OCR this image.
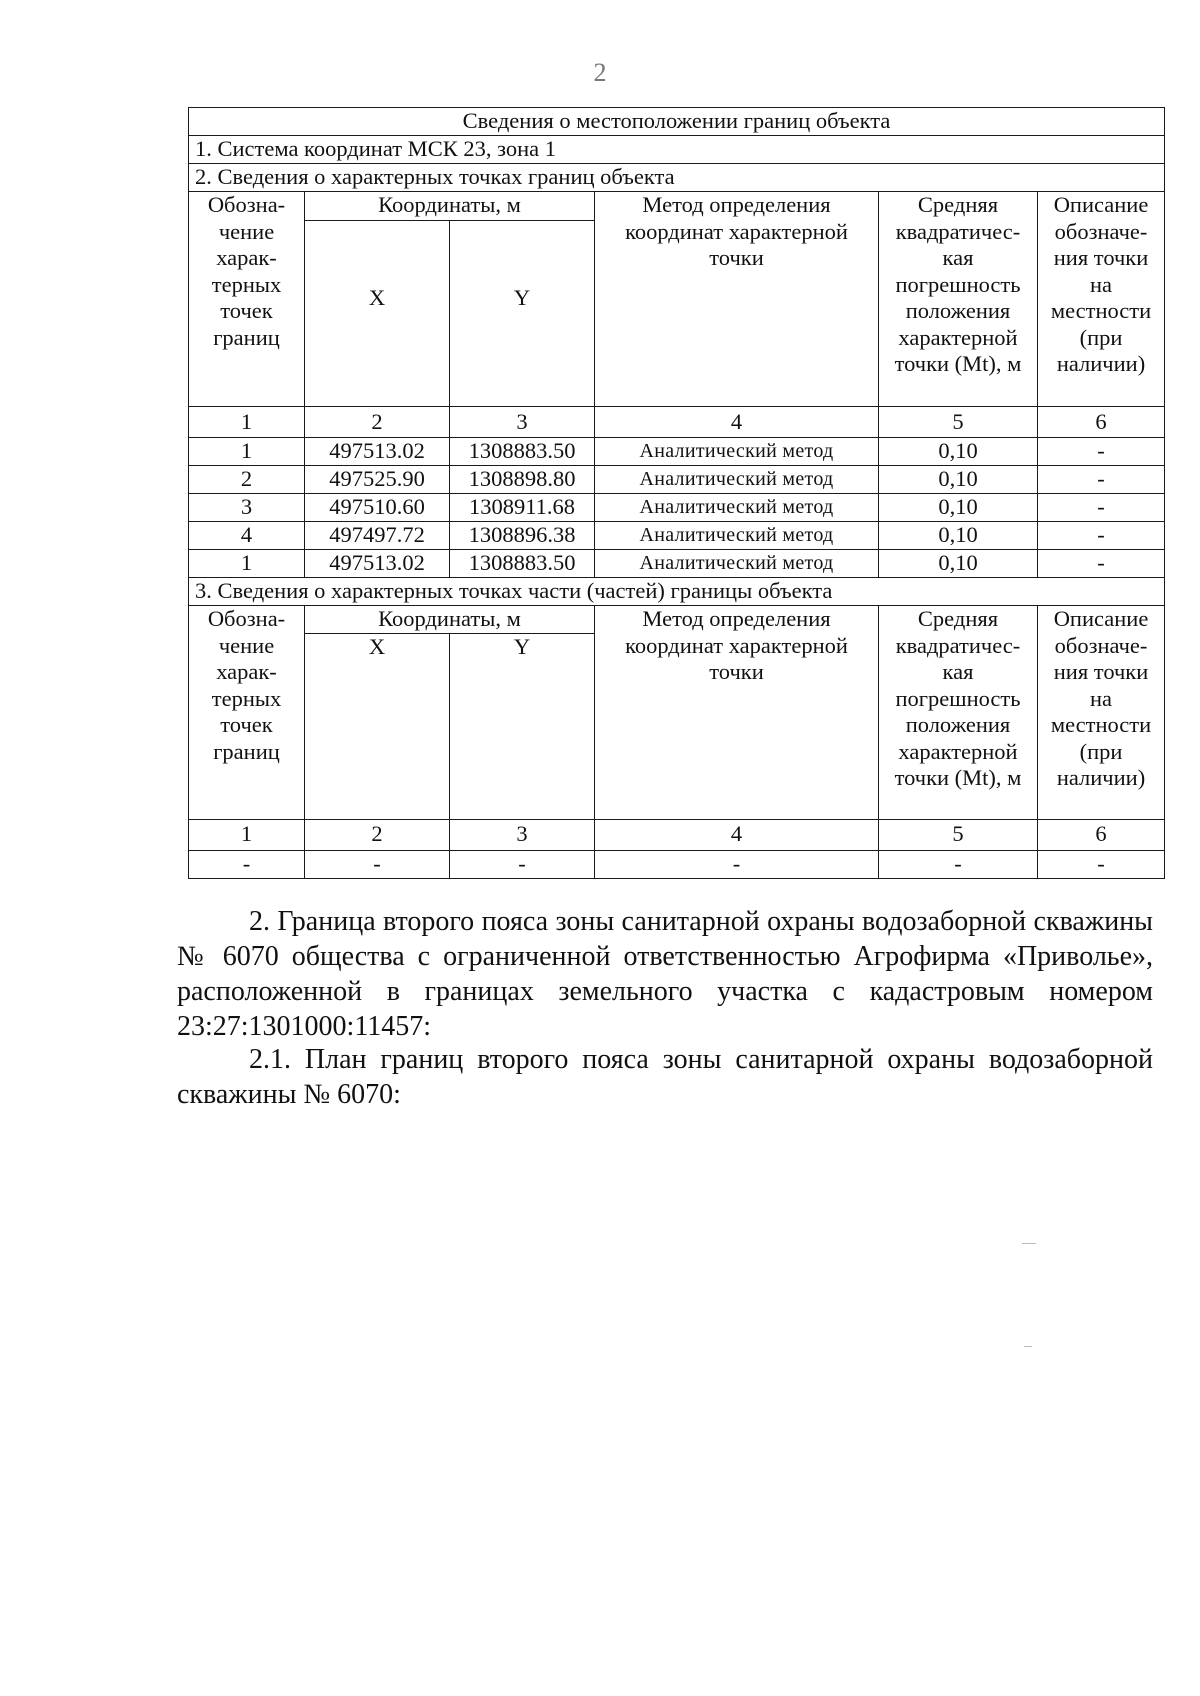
2
Сведения о местоположении границ объекта					
1. Система координат МСК 23, зона 1					
2. Сведения о характерных точках границ объекта					
Обозна-чение харак-терных точек границ	Координаты, м		Метод определения координат характерной точки	Средняя квадратичес-кая погрешность положения характерной точки (Mt), м	Описание обозначе-ния точки на местности (при наличии)
	X	Y			
1	2	3	4	5	6
1	497513.02	1308883.50	Аналитический метод	0,10	-
2	497525.90	1308898.80	Аналитический метод	0,10	-
3	497510.60	1308911.68	Аналитический метод	0,10	-
4	497497.72	1308896.38	Аналитический метод	0,10	-
1	497513.02	1308883.50	Аналитический метод	0,10	-
3. Сведения о характерных точках части (частей) границы объекта					
Обозна-чение харак-терных точек границ	Координаты, м		Метод определения координат характерной точки	Средняя квадратичес-кая погрешность положения характерной точки (Mt), м	Описание обозначе-ния точки на местности (при наличии)
	X	Y			
1	2	3	4	5	6
-	-	-	-	-	-

2. Граница второго пояса зоны санитарной охраны водозаборной скважины № 6070 общества с ограниченной ответственностью Агрофирма «Приволье», расположенной в границах земельного участка с кадастровым номером 23:27:1301000:11457:

2.1. План границ второго пояса зоны санитарной охраны водозаборной скважины № 6070:
